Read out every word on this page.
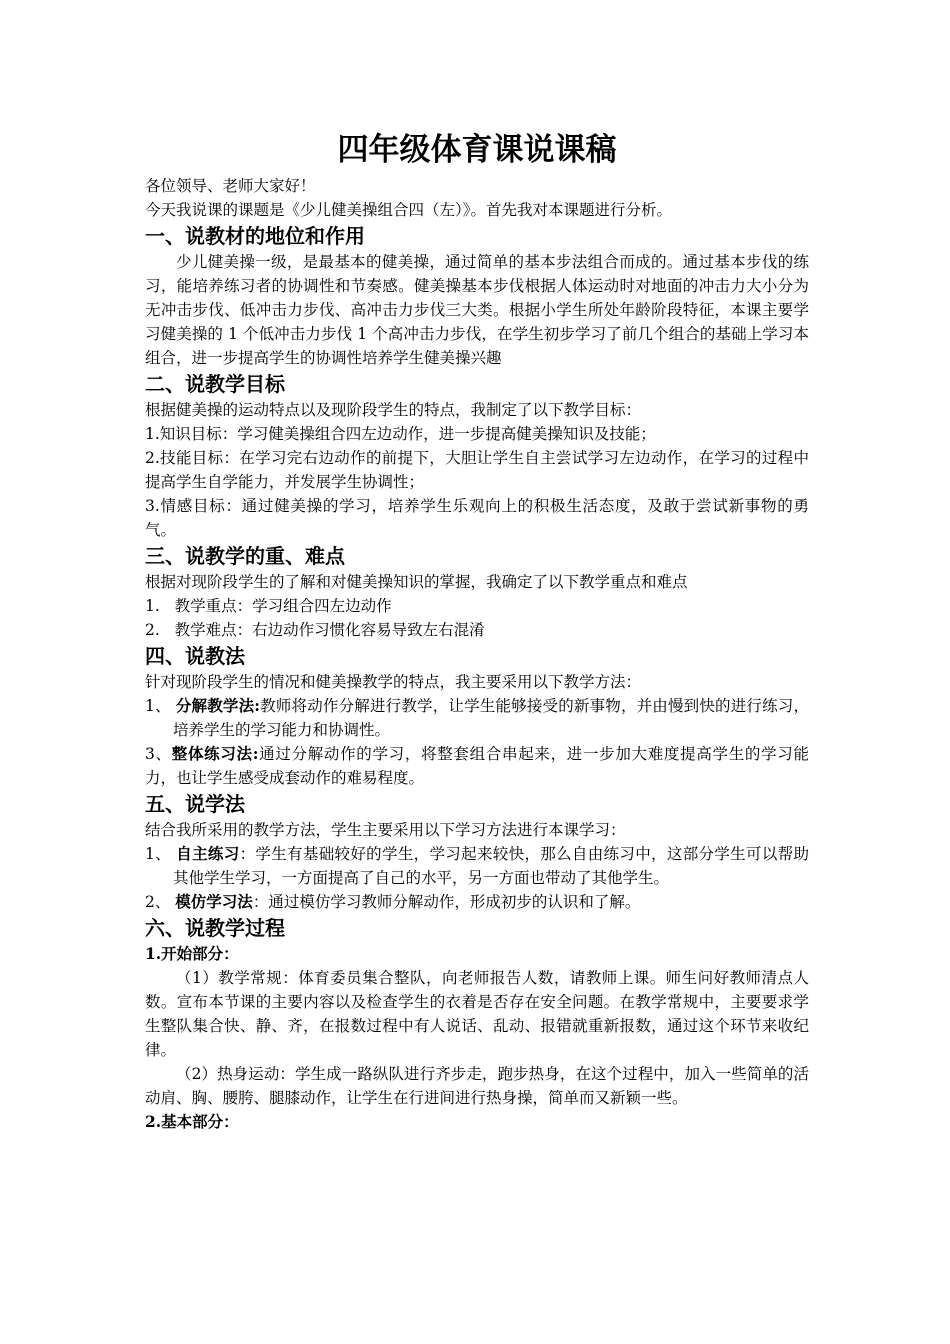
四年级体育课说课稿

各位领导、老师大家好！

今天我说课的课题是《少儿健美操组合四（左）》。首先我对本课题进行分析。

一、说教材的地位和作用

少儿健美操一级，是最基本的健美操，通过简单的基本步法组合而成的。通过基本步伐的练习，能培养练习者的协调性和节奏感。健美操基本步伐根据人体运动时对地面的冲击力大小分为无冲击步伐、低冲击力步伐、高冲击力步伐三大类。根据小学生所处年龄阶段特征，本课主要学习健美操的 1 个低冲击力步伐 1 个高冲击力步伐，在学生初步学习了前几个组合的基础上学习本组合，进一步提高学生的协调性培养学生健美操兴趣

二、说教学目标

根据健美操的运动特点以及现阶段学生的特点，我制定了以下教学目标：

1.知识目标：学习健美操组合四左边动作，进一步提高健美操知识及技能；

2.技能目标：在学习完右边动作的前提下，大胆让学生自主尝试学习左边动作，在学习的过程中提高学生自学能力，并发展学生协调性；

3.情感目标：通过健美操的学习，培养学生乐观向上的积极生活态度，及敢于尝试新事物的勇气。

三、说教学的重、难点

根据对现阶段学生的了解和对健美操知识的掌握，我确定了以下教学重点和难点

1.   教学重点：学习组合四左边动作

2.   教学难点：右边动作习惯化容易导致左右混淆

四、说教法

针对现阶段学生的情况和健美操教学的特点，我主要采用以下教学方法：

1、 分解教学法:教师将动作分解进行教学，让学生能够接受的新事物，并由慢到快的进行练习，培养学生的学习能力和协调性。

3、整体练习法:通过分解动作的学习，将整套组合串起来，进一步加大难度提高学生的学习能力，也让学生感受成套动作的难易程度。

五、说学法

结合我所采用的教学方法，学生主要采用以下学习方法进行本课学习：

1、 自主练习：学生有基础较好的学生，学习起来较快，那么自由练习中，这部分学生可以帮助其他学生学习，一方面提高了自己的水平，另一方面也带动了其他学生。

2、 模仿学习法：通过模仿学习教师分解动作，形成初步的认识和了解。

六、说教学过程

1.开始部分：

（1）教学常规：体育委员集合整队，向老师报告人数，请教师上课。师生问好教师清点人数。宣布本节课的主要内容以及检查学生的衣着是否存在安全问题。在教学常规中，主要要求学生整队集合快、静、齐，在报数过程中有人说话、乱动、报错就重新报数，通过这个环节来收纪律。

（2）热身运动：学生成一路纵队进行齐步走，跑步热身，在这个过程中，加入一些简单的活动肩、胸、腰胯、腿膝动作，让学生在行进间进行热身操，简单而又新颖一些。

2.基本部分：
